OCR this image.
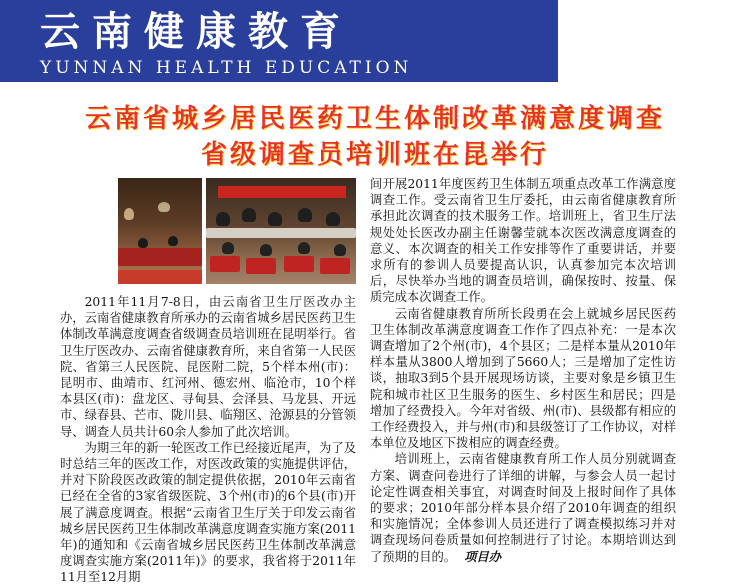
云南健康教育
YUNNAN HEALTH EDUCATION
云南省城乡居民医药卫生体制改革满意度调查
省级调查员培训班在昆举行

2011年11月7-8日，由云南省卫生厅医改办主办，云南省健康教育所承办的云南省城乡居民医药卫生体制改革满意度调查省级调查员培训班在昆明举行。省卫生厅医改办、云南省健康教育所，来自省第一人民医院、省第三人民医院、昆医附二院，5个样本州(市)：昆明市、曲靖市、红河州、德宏州、临沧市，10个样本县区(市)：盘龙区、寻甸县、会泽县、马龙县、开远市、绿春县、芒市、陇川县、临翔区、沧源县的分管领导、调查人员共计60余人参加了此次培训。

为期三年的新一轮医改工作已经接近尾声，为了及时总结三年的医改工作，对医改政策的实施提供评估，并对下阶段医改政策的制定提供依据，2010年云南省已经在全省的3家省级医院、3个州(市)的6个县(市)开展了满意度调查。根据“云南省卫生厅关于印发云南省城乡居民医药卫生体制改革满意度调查实施方案(2011年)的通知和《云南省城乡居民医药卫生体制改革满意度调查实施方案(2011年)》的要求，我省将于2011年11月至12月期

间开展2011年度医药卫生体制五项重点改革工作满意度调查工作。受云南省卫生厅委托，由云南省健康教育所承担此次调查的技术服务工作。培训班上，省卫生厅法规处处长医改办副主任谢馨莹就本次医改满意度调查的意义、本次调查的相关工作安排等作了重要讲话，并要求所有的参训人员要提高认识，认真参加完本次培训后，尽快举办当地的调查员培训，确保按时、按量、保质完成本次调查工作。

云南省健康教育所所长段勇在会上就城乡居民医药卫生体制改革满意度调查工作作了四点补充：一是本次调查增加了2个州(市)，4个县区；二是样本量从2010年样本量从3800人增加到了5660人；三是增加了定性访谈，抽取3到5个县开展现场访谈，主要对象是乡镇卫生院和城市社区卫生服务的医生、乡村医生和居民；四是增加了经费投入。今年对省级、州(市)、县级都有相应的工作经费投入，并与州(市)和县级签订了工作协议，对样本单位及地区下拨相应的调查经费。

培训班上，云南省健康教育所工作人员分别就调查方案、调查问卷进行了详细的讲解，与参会人员一起讨论定性调查相关事宜，对调查时间及上报时间作了具体的要求；2010年部分样本县介绍了2010年调查的组织和实施情况；全体参训人员还进行了调查模拟练习并对调查现场问卷质量如何控制进行了讨论。本期培训达到了预期的目的。 项目办
